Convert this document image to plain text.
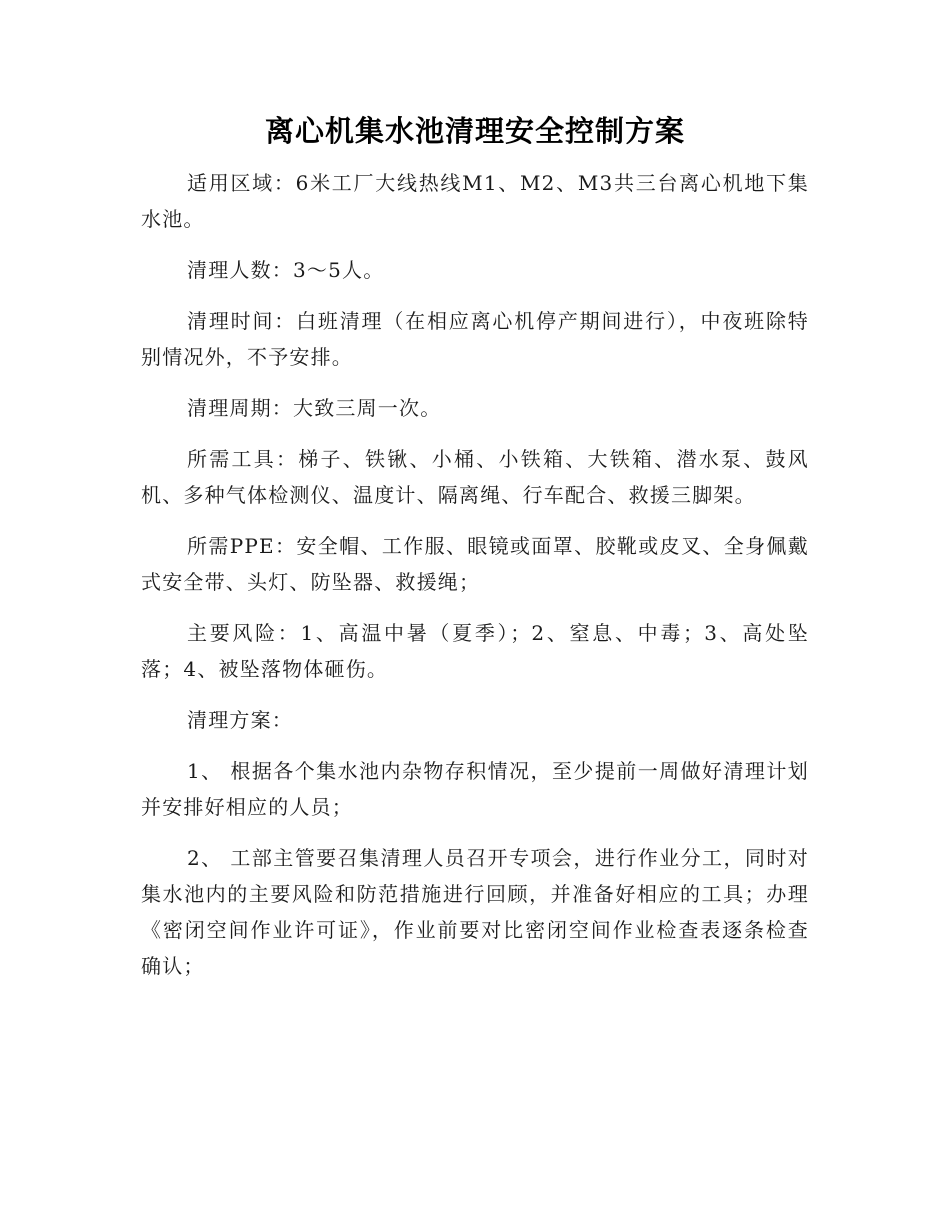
离心机集水池清理安全控制方案

适用区域：6米工厂大线热线M1、M2、M3共三台离心机地下集水池。

清理人数：3～5人。

清理时间：白班清理（在相应离心机停产期间进行），中夜班除特别情况外，不予安排。

清理周期：大致三周一次。

所需工具：梯子、铁锹、小桶、小铁箱、大铁箱、潜水泵、鼓风机、多种气体检测仪、温度计、隔离绳、行车配合、救援三脚架。

所需PPE：安全帽、工作服、眼镜或面罩、胶靴或皮叉、全身佩戴式安全带、头灯、防坠器、救援绳；

主要风险：1、高温中暑（夏季）；2、窒息、中毒；3、高处坠落；4、被坠落物体砸伤。

清理方案：

1、 根据各个集水池内杂物存积情况，至少提前一周做好清理计划并安排好相应的人员；

2、 工部主管要召集清理人员召开专项会，进行作业分工，同时对集水池内的主要风险和防范措施进行回顾，并准备好相应的工具；办理《密闭空间作业许可证》，作业前要对比密闭空间作业检查表逐条检查确认；
